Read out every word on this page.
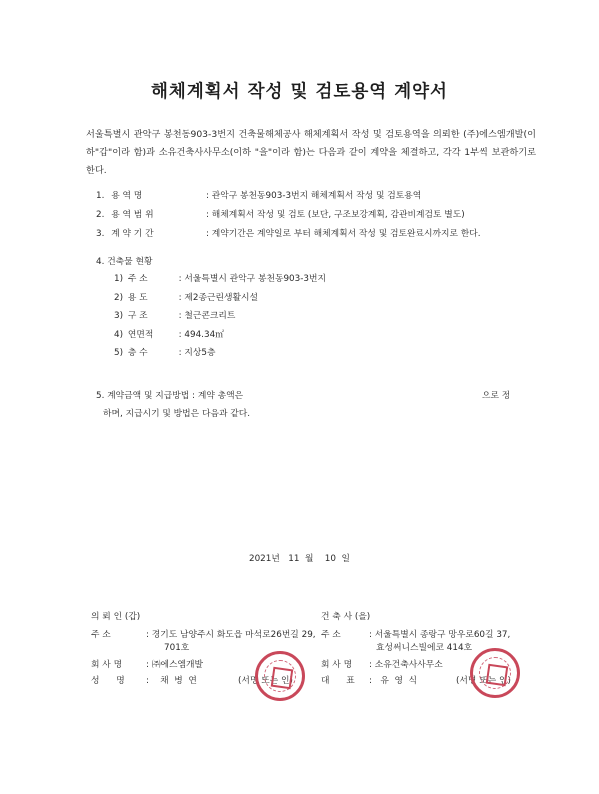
해체계획서 작성 및 검토용역 계약서
서울특별시 관악구 봉천동903-3번지 건축물해체공사 해체계획서 작성 및 검토용역을 의뢰한 (주)에스엠개발(이하"갑"이라 함)과 소유건축사사무소(이하 "을"이라 함)는 다음과 같이 계약을 체결하고, 각각 1부씩 보관하기로 한다.
1. 용 역 명	: 관악구 봉천동903-3번지 해체계획서 작성 및 검토용역
2. 용 역 범 위	: 해체계획서 작성 및 검토 (보단, 구조보강계획, 감관비계검토 별도)
3. 계 약 기 간	: 계약기간은 계약일로 부터 해체계획서 작성 및 검토완료시까지로 한다.
4. 건축물 현황
1) 주 소	: 서울특별시 관악구 봉천동903-3번지
2) 용 도	: 제2종근린생활시설
3) 구 조	: 철근콘크리트
4) 연면적	: 494.34㎡
5) 층 수	: 지상5층
5. 계약금액 및 지급방법 : 계약 총액은	으로 정
하며, 지급시기 및 방법은 다음과 같다.
2021년   11  월    10  일
의 뢰 인 (갑)
주 소	: 경기도 남양주시 화도읍 마석로26번길 29,
701호
회 사 명	: ㈜에스엠개발
성      명 :    채  병  연	(서명 또는 인)
건 축 사 (을)
주 소	: 서울특별시 종랑구 망우로60길 37,
효성써니스빌에코 414호
회 사 명 : 소유건축사사무소
대      표 :   유  영  식	(서명 또는 인)
